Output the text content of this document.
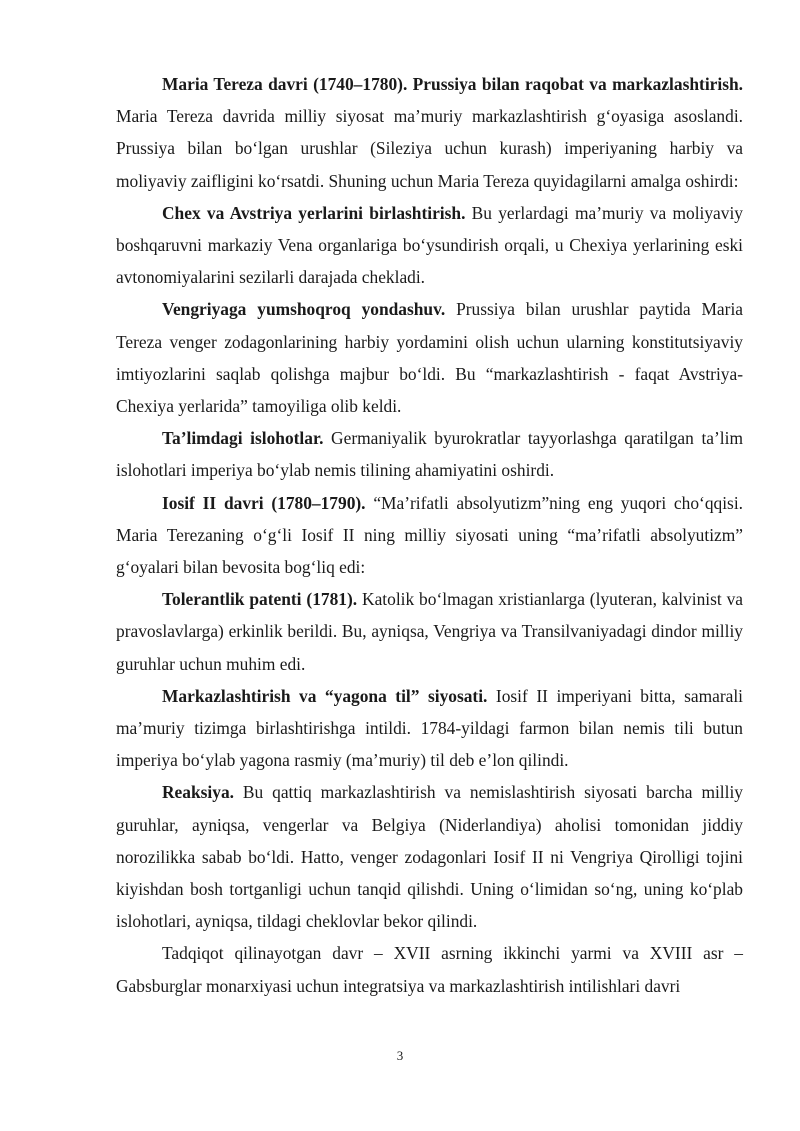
Maria Tereza davri (1740–1780). Prussiya bilan raqobat va markazlashtirish. Maria Tereza davrida milliy siyosat ma’muriy markazlashtirish g‘oyasiga asoslandi. Prussiya bilan bo‘lgan urushlar (Sileziya uchun kurash) imperiyaning harbiy va moliyaviy zaifligini ko‘rsatdi. Shuning uchun Maria Tereza quyidagilarni amalga oshirdi:

Chex va Avstriya yerlarini birlashtirish. Bu yerlardagi ma’muriy va moliyaviy boshqaruvni markaziy Vena organlariga bo‘ysundirish orqali, u Chexiya yerlarining eski avtonomiyalarini sezilarli darajada chekladi.

Vengriyaga yumshoqroq yondashuv. Prussiya bilan urushlar paytida Maria Tereza venger zodagonlarining harbiy yordamini olish uchun ularning konstitutsiyaviy imtiyozlarini saqlab qolishga majbur bo‘ldi. Bu “markazlashtirish - faqat Avstriya-Chexiya yerlarida” tamoyiliga olib keldi.

Ta’limdagi islohotlar. Germaniyalik byurokratlar tayyorlashga qaratilgan ta’lim islohotlari imperiya bo‘ylab nemis tilining ahamiyatini oshirdi.

Iosif II davri (1780–1790). “Ma’rifatli absolyutizm”ning eng yuqori cho‘qqisi. Maria Terezaning o‘g‘li Iosif II ning milliy siyosati uning “ma’rifatli absolyutizm” g‘oyalari bilan bevosita bog‘liq edi:

Tolerantlik patenti (1781). Katolik bo‘lmagan xristianlarga (lyuteran, kalvinist va pravoslavlarga) erkinlik berildi. Bu, ayniqsa, Vengriya va Transilvaniyadagi dindor milliy guruhlar uchun muhim edi.

Markazlashtirish va “yagona til” siyosati. Iosif II imperiyani bitta, samarali ma’muriy tizimga birlashtirishga intildi. 1784-yildagi farmon bilan nemis tili butun imperiya bo‘ylab yagona rasmiy (ma’muriy) til deb e’lon qilindi.

Reaksiya. Bu qattiq markazlashtirish va nemislashtirish siyosati barcha milliy guruhlar, ayniqsa, vengerlar va Belgiya (Niderlandiya) aholisi tomonidan jiddiy norozilikka sabab bo‘ldi. Hatto, venger zodagonlari Iosif II ni Vengriya Qirolligi tojini kiyishdan bosh tortganligi uchun tanqid qilishdi. Uning o‘limidan so‘ng, uning ko‘plab islohotlari, ayniqsa, tildagi cheklovlar bekor qilindi.

Tadqiqot qilinayotgan davr – XVII asrning ikkinchi yarmi va XVIII asr – Gabsburglar monarxiyasi uchun integratsiya va markazlashtirish intilishlari davri

3
